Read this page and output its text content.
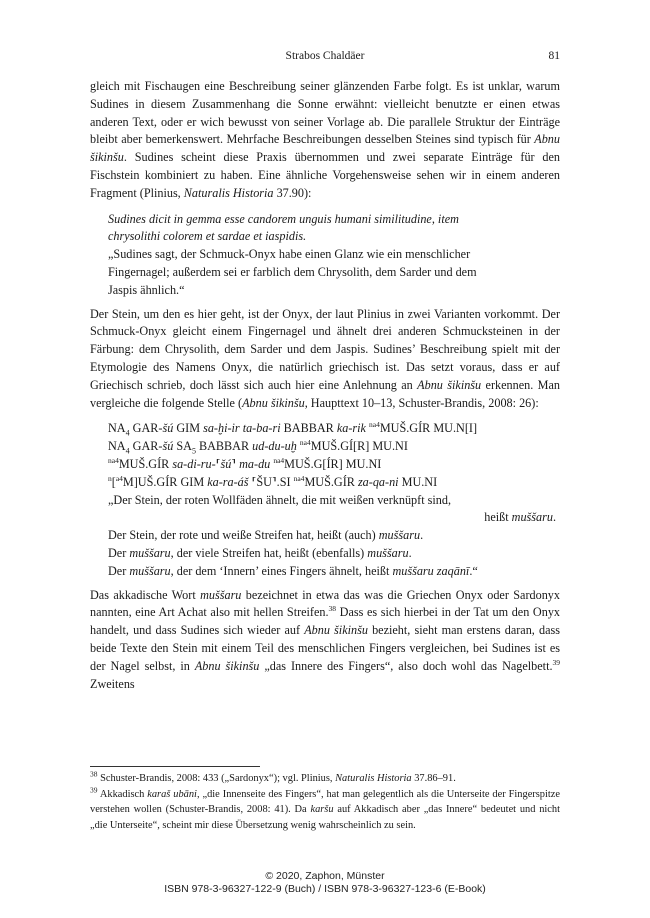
Strabos Chaldäer	81

gleich mit Fischaugen eine Beschreibung seiner glänzenden Farbe folgt. Es ist unklar, warum Sudines in diesem Zusammenhang die Sonne erwähnt: vielleicht benutzte er einen etwas anderen Text, oder er wich bewusst von seiner Vorlage ab. Die parallele Struktur der Einträge bleibt aber bemerkenswert. Mehrfache Beschreibungen desselben Steines sind typisch für Abnu šikinšu. Sudines scheint diese Praxis übernommen und zwei separate Einträge für den Fischstein kombiniert zu haben. Eine ähnliche Vorgehensweise sehen wir in einem anderen Fragment (Plinius, Naturalis Historia 37.90):

Sudines dicit in gemma esse candorem unguis humani similitudine, item
chrysolithi colorem et sardae et iaspidis.
„Sudines sagt, der Schmuck-Onyx habe einen Glanz wie ein menschlicher
Fingernagel; außerdem sei er farblich dem Chrysolith, dem Sarder und dem
Jaspis ähnlich.“

Der Stein, um den es hier geht, ist der Onyx, der laut Plinius in zwei Varianten vorkommt. Der Schmuck-Onyx gleicht einem Fingernagel und ähnelt drei anderen Schmucksteinen in der Färbung: dem Chrysolith, dem Sarder und dem Jaspis. Sudines’ Beschreibung spielt mit der Etymologie des Namens Onyx, die natürlich griechisch ist. Das setzt voraus, dass er auf Griechisch schrieb, doch lässt sich auch hier eine Anlehnung an Abnu šikinšu erkennen. Man vergleiche die folgende Stelle (Abnu šikinšu, Haupttext 10–13, Schuster-Brandis, 2008: 26):

$NA_4$ GAR-šú GIM sa-ḫi-ir ta-ba-ri BABBAR ka-rik $^{na4}$MUŠ.GÍR MU.N[I]
$NA_4$ GAR-šú $SA_5$ BABBAR ud-du-uḫ $^{na4}$MUŠ.GÍ[R] MU.NI
$^{na4}$MUŠ.GÍR sa-di-ru-⸢šú⸣ ma-du $^{na4}$MUŠ.G[ÍR] MU.NI
$^n$[$^{a4}$M]UŠ.GÍR GIM ka-ra-áš ⸢ŠU⸣.SI $^{na4}$MUŠ.GÍR za-qa-ni MU.NI
„Der Stein, der roten Wollfäden ähnelt, die mit weißen verknüpft sind,
heißt muššaru.
Der Stein, der rote und weiße Streifen hat, heißt (auch) muššaru.
Der muššaru, der viele Streifen hat, heißt (ebenfalls) muššaru.
Der muššaru, der dem ‘Innern’ eines Fingers ähnelt, heißt muššaru zaqānī.“

Das akkadische Wort muššaru bezeichnet in etwa das was die Griechen Onyx oder Sardonyx nannten, eine Art Achat also mit hellen Streifen.$^{38}$ Dass es sich hierbei in der Tat um den Onyx handelt, und dass Sudines sich wieder auf Abnu šikinšu bezieht, sieht man erstens daran, dass beide Texte den Stein mit einem Teil des menschlichen Fingers vergleichen, bei Sudines ist es der Nagel selbst, in Abnu šikinšu „das Innere des Fingers“, also doch wohl das Nagelbett.$^{39}$ Zweitens

$^{38}$ Schuster-Brandis, 2008: 433 („Sardonyx“); vgl. Plinius, Naturalis Historia 37.86–91.

$^{39}$ Akkadisch karaš ubāni, „die Innenseite des Fingers“, hat man gelegentlich als die Unterseite der Fingerspitze verstehen wollen (Schuster-Brandis, 2008: 41). Da karšu auf Akkadisch aber „das Innere“ bedeutet und nicht „die Unterseite“, scheint mir diese Übersetzung wenig wahrscheinlich zu sein.

© 2020, Zaphon, Münster
ISBN 978-3-96327-122-9 (Buch) / ISBN 978-3-96327-123-6 (E-Book)
